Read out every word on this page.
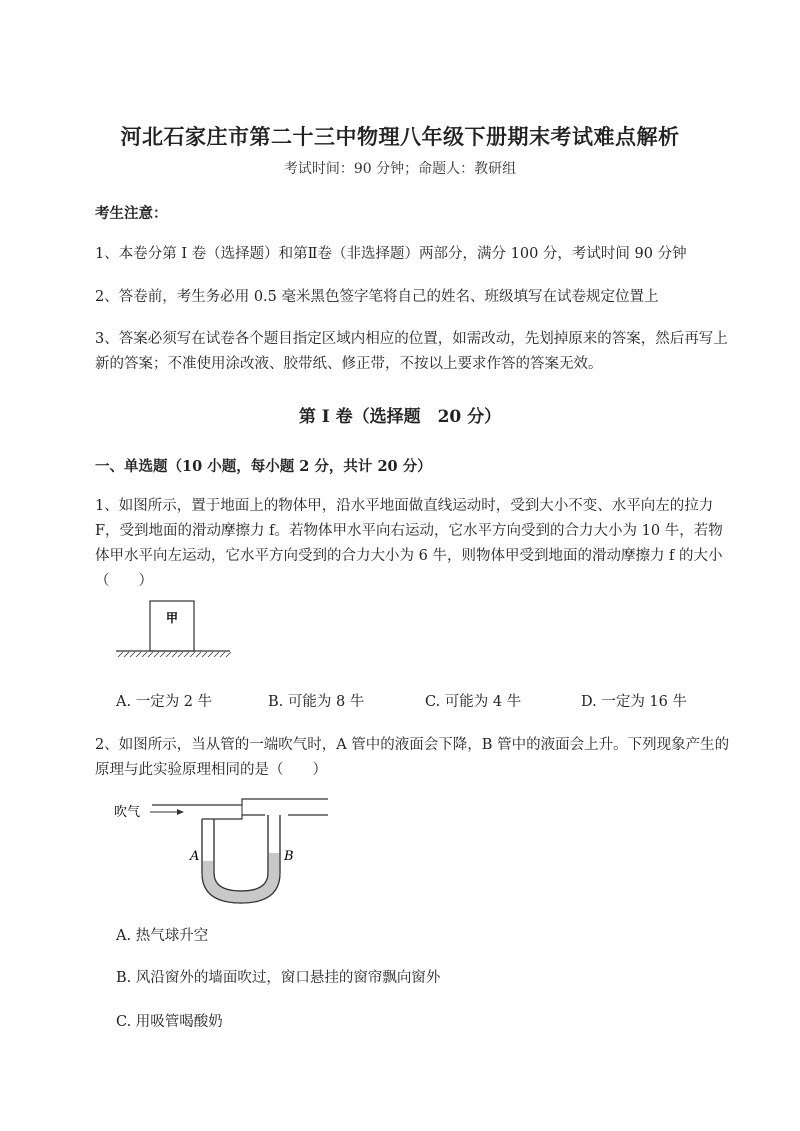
河北石家庄市第二十三中物理八年级下册期末考试难点解析
考试时间：90 分钟；命题人：教研组
考生注意：
1、本卷分第 I 卷（选择题）和第Ⅱ卷（非选择题）两部分，满分 100 分，考试时间 90 分钟
2、答卷前，考生务必用 0.5 毫米黑色签字笔将自己的姓名、班级填写在试卷规定位置上
3、答案必须写在试卷各个题目指定区域内相应的位置，如需改动，先划掉原来的答案，然后再写上新的答案；不准使用涂改液、胶带纸、修正带，不按以上要求作答的答案无效。
第 I 卷（选择题　20 分）
一、单选题（10 小题，每小题 2 分，共计 20 分）
1、如图所示，置于地面上的物体甲，沿水平地面做直线运动时，受到大小不变、水平向左的拉力 F，受到地面的滑动摩擦力 f。若物体甲水平向右运动，它水平方向受到的合力大小为 10 牛，若物体甲水平向左运动，它水平方向受到的合力大小为 6 牛，则物体甲受到地面的滑动摩擦力 f 的大小（　　）
甲
A. 一定为 2 牛	B. 可能为 8 牛	C. 可能为 4 牛	D. 一定为 16 牛
2、如图所示，当从管的一端吹气时，A 管中的液面会下降，B 管中的液面会上升。下列现象产生的原理与此实验原理相同的是（　　）
吹气
A	B
A. 热气球升空
B. 风沿窗外的墙面吹过，窗口悬挂的窗帘飘向窗外
C. 用吸管喝酸奶
